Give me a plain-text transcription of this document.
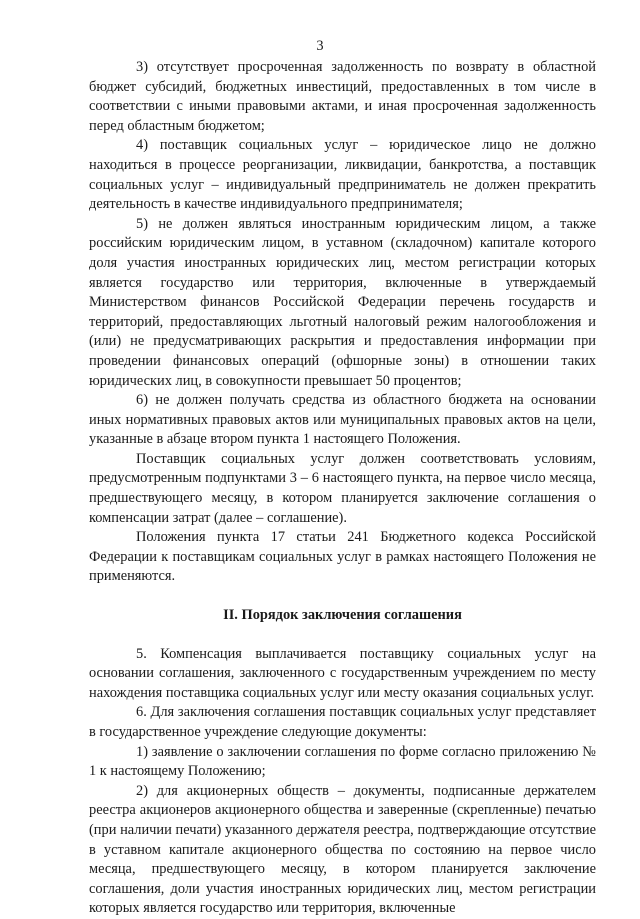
3

3) отсутствует просроченная задолженность по возврату в областной бюджет субсидий, бюджетных инвестиций, предоставленных в том числе в соответствии с иными правовыми актами, и иная просроченная задолженность перед областным бюджетом;

4) поставщик социальных услуг – юридическое лицо не должно находиться в процессе реорганизации, ликвидации, банкротства, а поставщик социальных услуг – индивидуальный предприниматель не должен прекратить деятельность в качестве индивидуального предпринимателя;

5) не должен являться иностранным юридическим лицом, а также российским юридическим лицом, в уставном (складочном) капитале которого доля участия иностранных юридических лиц, местом регистрации которых является государство или территория, включенные в утверждаемый Министерством финансов Российской Федерации перечень государств и территорий, предоставляющих льготный налоговый режим налогообложения и (или) не предусматривающих раскрытия и предоставления информации при проведении финансовых операций (офшорные зоны) в отношении таких юридических лиц, в совокупности превышает 50 процентов;

6) не должен получать средства из областного бюджета на основании иных нормативных правовых актов или муниципальных правовых актов на цели, указанные в абзаце втором пункта 1 настоящего Положения.

Поставщик социальных услуг должен соответствовать условиям, предусмотренным подпунктами 3 – 6 настоящего пункта, на первое число месяца, предшествующего месяцу, в котором планируется заключение соглашения о компенсации затрат (далее – соглашение).

Положения пункта 17 статьи 241 Бюджетного кодекса Российской Федерации к поставщикам социальных услуг в рамках настоящего Положения не применяются.

II. Порядок заключения соглашения

5. Компенсация выплачивается поставщику социальных услуг на основании соглашения, заключенного с государственным учреждением по месту нахождения поставщика социальных услуг или месту оказания социальных услуг.

6. Для заключения соглашения поставщик социальных услуг представляет в государственное учреждение следующие документы:

1) заявление о заключении соглашения по форме согласно приложению № 1 к настоящему Положению;

2) для акционерных обществ – документы, подписанные держателем реестра акционеров акционерного общества и заверенные (скрепленные) печатью (при наличии печати) указанного держателя реестра, подтверждающие отсутствие в уставном капитале акционерного общества по состоянию на первое число месяца, предшествующего месяцу, в котором планируется заключение соглашения, доли участия иностранных юридических лиц, местом регистрации которых является государство или территория, включенные
